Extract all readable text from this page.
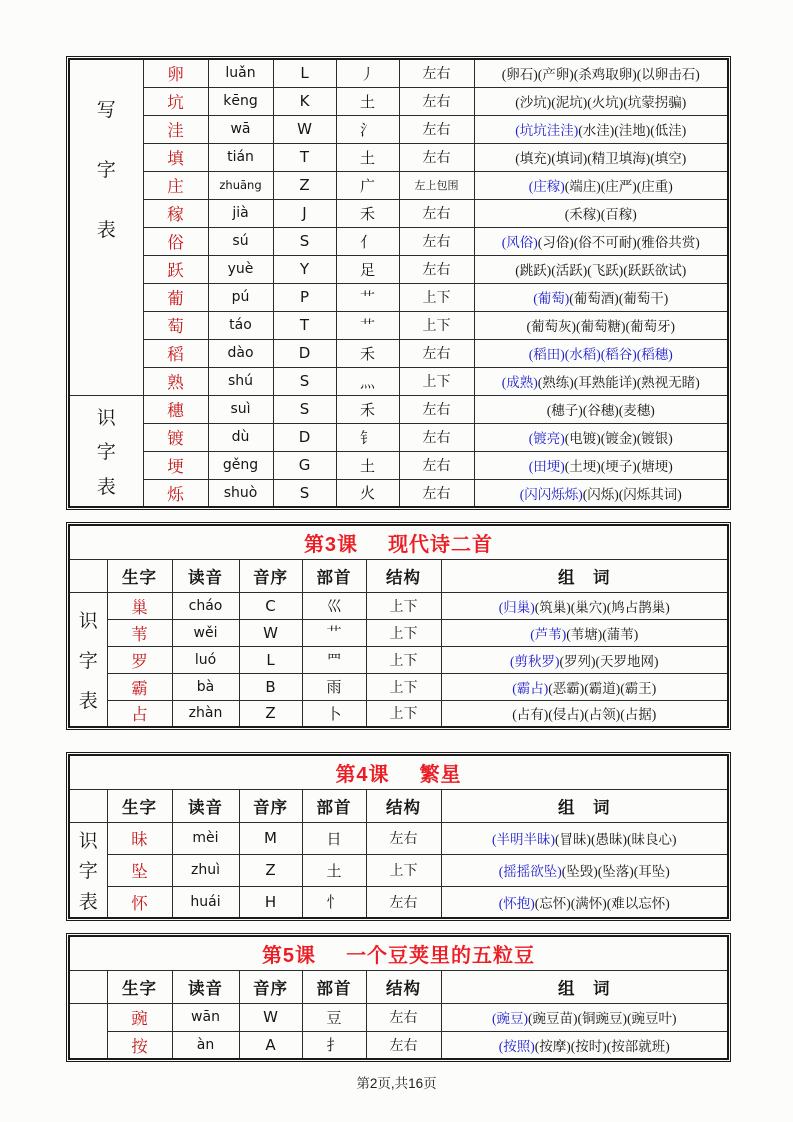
写
字
表	卵	luǎn	L	丿	左右	(卵石)(产卵)(杀鸡取卵)(以卵击石)
	坑	kēng	K	土	左右	(沙坑)(泥坑)(火坑)(坑蒙拐骗)
	洼	wā	W	氵	左右	(坑坑洼洼)(水洼)(洼地)(低洼)
	填	tián	T	土	左右	(填充)(填词)(精卫填海)(填空)
	庄	zhuāng	Z	广	左上包围	(庄稼)(端庄)(庄严)(庄重)
	稼	jià	J	禾	左右	(禾稼)(百稼)
	俗	sú	S	亻	左右	(风俗)(习俗)(俗不可耐)(雅俗共赏)
	跃	yuè	Y	足	左右	(跳跃)(活跃)(飞跃)(跃跃欲试)
	葡	pú	P	艹	上下	(葡萄)(葡萄酒)(葡萄干)
	萄	táo	T	艹	上下	(葡萄灰)(葡萄糖)(葡萄牙)
	稻	dào	D	禾	左右	(稻田)(水稻)(稻谷)(稻穗)
	熟	shú	S	灬	上下	(成熟)(熟练)(耳熟能详)(熟视无睹)

识
字
表	穗	suì	S	禾	左右	(穗子)(谷穗)(麦穗)
	镀	dù	D	钅	左右	(镀亮)(电镀)(镀金)(镀银)
	埂	gěng	G	土	左右	(田埂)(土埂)(埂子)(塘埂)
	烁	shuò	S	火	左右	(闪闪烁烁)(闪烁)(闪烁其词)
第3课 现代诗二首						
	生字	读音	音序	部首	结构	组　词

识
字
表	巢	cháo	C	巛	上下	(归巢)(筑巢)(巢穴)(鸠占鹊巢)
	苇	wěi	W	艹	上下	(芦苇)(苇塘)(蒲苇)
	罗	luó	L	罒	上下	(剪秋罗)(罗列)(天罗地网)
	霸	bà	B	雨	上下	(霸占)(恶霸)(霸道)(霸王)
	占	zhàn	Z	卜	上下	(占有)(侵占)(占领)(占据)
第4课 繁星						
	生字	读音	音序	部首	结构	组　词

识
字
表	昧	mèi	M	日	左右	(半明半昧)(冒昧)(愚昧)(昧良心)
	坠	zhuì	Z	土	上下	(摇摇欲坠)(坠毁)(坠落)(耳坠)
	怀	huái	H	忄	左右	(怀抱)(忘怀)(满怀)(难以忘怀)
第5课 一个豆荚里的五粒豆						
	生字	读音	音序	部首	结构	组　词

	豌	wān	W	豆	左右	(豌豆)(豌豆苗)(铜豌豆)(豌豆叶)
	按	àn	A	扌	左右	(按照)(按摩)(按时)(按部就班)
第2页,共16页
